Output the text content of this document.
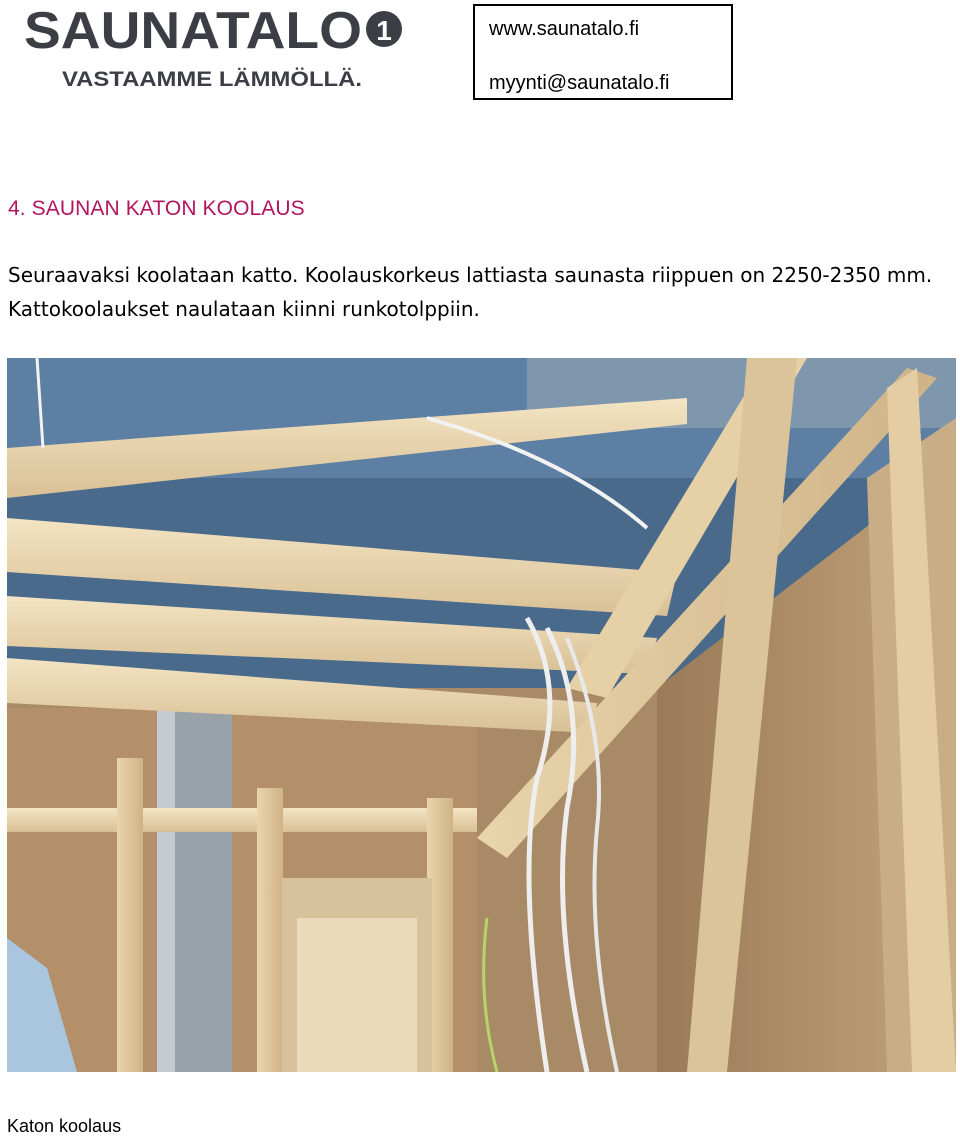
SAUNATALO 1
VASTAAMME LÄMMÖLLÄ.
www.saunatalo.fi
myynti@saunatalo.fi
4. SAUNAN KATON KOOLAUS
Seuraavaksi koolataan katto. Koolauskorkeus lattiasta saunasta riippuen on 2250-2350 mm. Kattokoolaukset naulataan kiinni runkotolppiin.
Katon koolaus
